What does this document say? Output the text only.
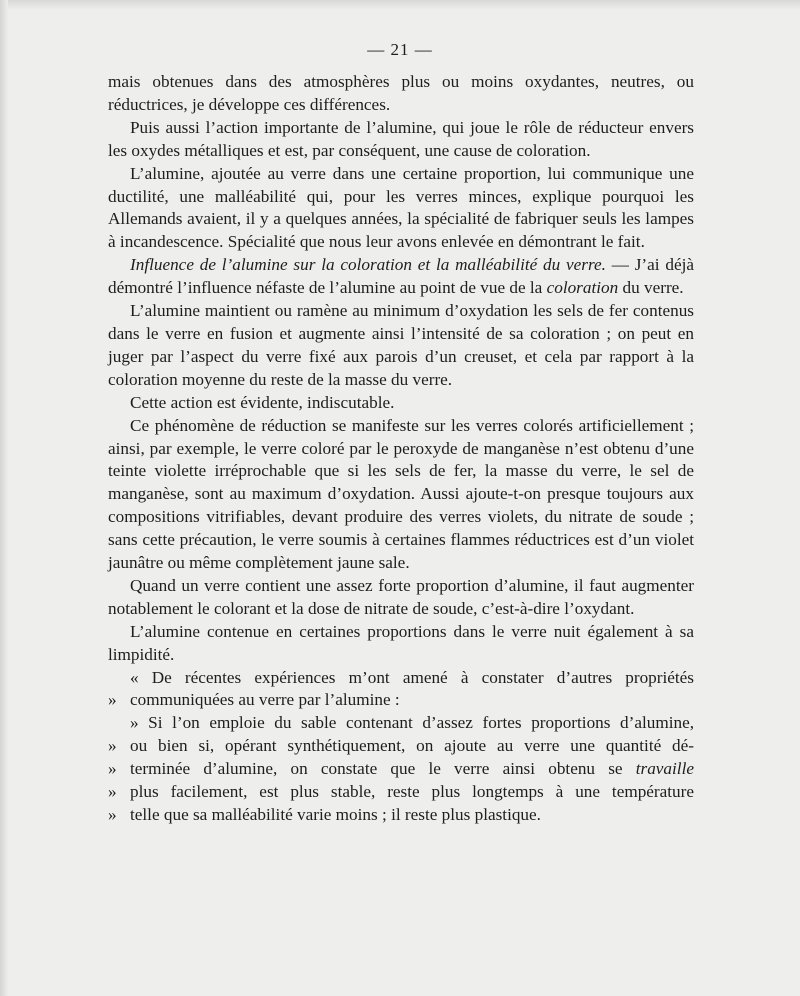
— 21 —

mais obtenues dans des atmosphères plus ou moins oxydantes, neutres, ou réductrices, je développe ces différences.

Puis aussi l’action importante de l’alumine, qui joue le rôle de réducteur envers les oxydes métalliques et est, par conséquent, une cause de coloration.

L’alumine, ajoutée au verre dans une certaine proportion, lui communique une ductilité, une malléabilité qui, pour les verres minces, explique pourquoi les Allemands avaient, il y a quelques années, la spécialité de fabriquer seuls les lampes à incandescence. Spécialité que nous leur avons enlevée en démontrant le fait.

Influence de l’alumine sur la coloration et la malléabilité du verre. — J’ai déjà démontré l’influence néfaste de l’alumine au point de vue de la coloration du verre.

L’alumine maintient ou ramène au minimum d’oxydation les sels de fer contenus dans le verre en fusion et augmente ainsi l’intensité de sa coloration ; on peut en juger par l’aspect du verre fixé aux parois d’un creuset, et cela par rapport à la coloration moyenne du reste de la masse du verre.

Cette action est évidente, indiscutable.

Ce phénomène de réduction se manifeste sur les verres colorés artificiellement ; ainsi, par exemple, le verre coloré par le peroxyde de manganèse n’est obtenu d’une teinte violette irréprochable que si les sels de fer, la masse du verre, le sel de manganèse, sont au maximum d’oxydation. Aussi ajoute-t-on presque toujours aux compositions vitrifiables, devant produire des verres violets, du nitrate de soude ; sans cette précaution, le verre soumis à certaines flammes réductrices est d’un violet jaunâtre ou même complètement jaune sale.

Quand un verre contient une assez forte proportion d’alumine, il faut augmenter notablement le colorant et la dose de nitrate de soude, c’est-à-dire l’oxydant.

L’alumine contenue en certaines proportions dans le verre nuit également à sa limpidité.

« De récentes expériences m’ont amené à constater d’autres propriétés
» communiquées au verre par l’alumine :

» Si l’on emploie du sable contenant d’assez fortes proportions d’alumine,
» ou bien si, opérant synthétiquement, on ajoute au verre une quantité dé-
» terminée d’alumine, on constate que le verre ainsi obtenu se travaille
» plus facilement, est plus stable, reste plus longtemps à une température
» telle que sa malléabilité varie moins ; il reste plus plastique.
